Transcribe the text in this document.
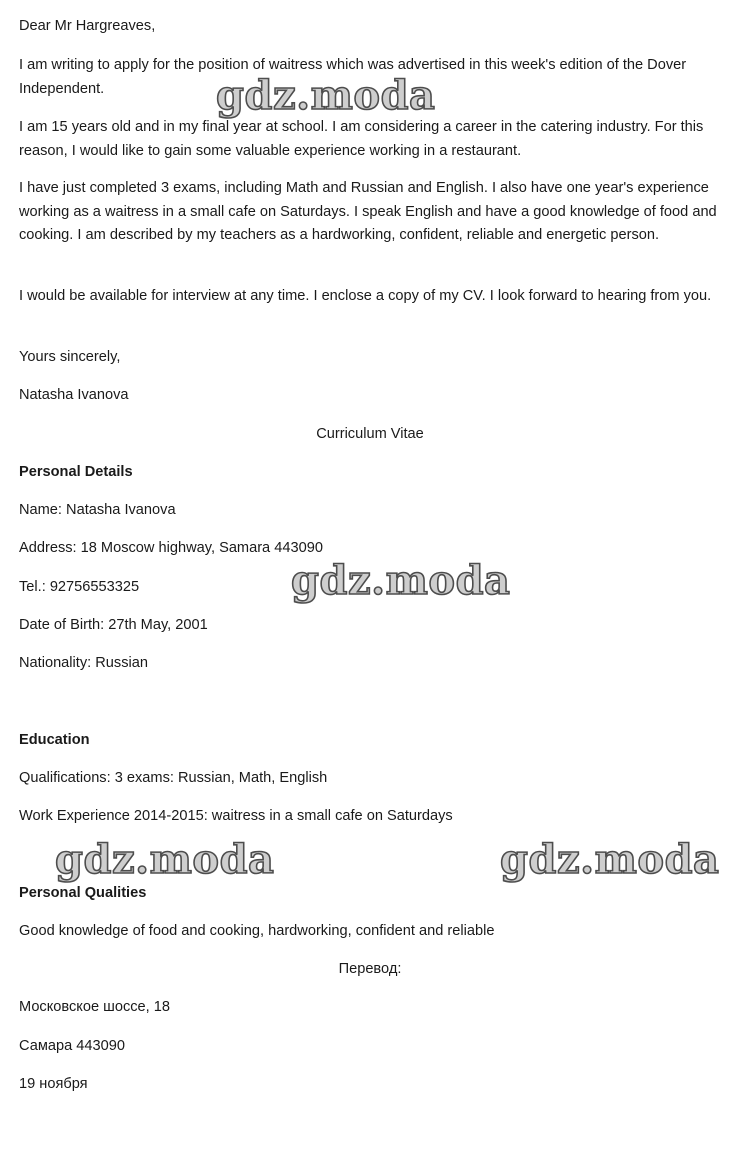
Dear Mr Hargreaves,
I am writing to apply for the position of waitress which was advertised in this week's edition of the Dover Independent.
I am 15 years old and in my final year at school. I am considering a career in the catering industry. For this reason, I would like to gain some valuable experience working in a restaurant.
I have just completed 3 exams, including Math and Russian and English. I also have one year's experience working as a waitress in a small cafe on Saturdays. I speak English and have a good knowledge of food and cooking. I am described by my teachers as a hardworking, confident, reliable and energetic person.
I would be available for interview at any time. I enclose a copy of my CV. I look forward to hearing from you.
Yours sincerely,
Natasha Ivanova
Curriculum Vitae
Personal Details
Name: Natasha Ivanova
Address: 18 Moscow highway, Samara 443090
Tel.: 92756553325
Date of Birth: 27th May, 2001
Nationality: Russian
Education
Qualifications: 3 exams: Russian, Math, English
Work Experience 2014-2015: waitress in a small cafe on Saturdays
Personal Qualities
Good knowledge of food and cooking, hardworking, confident and reliable
Перевод:
Московское шоссе, 18
Самара 443090
19 ноября
gdz.moda
gdz.moda
gdz.moda	gdz.moda
